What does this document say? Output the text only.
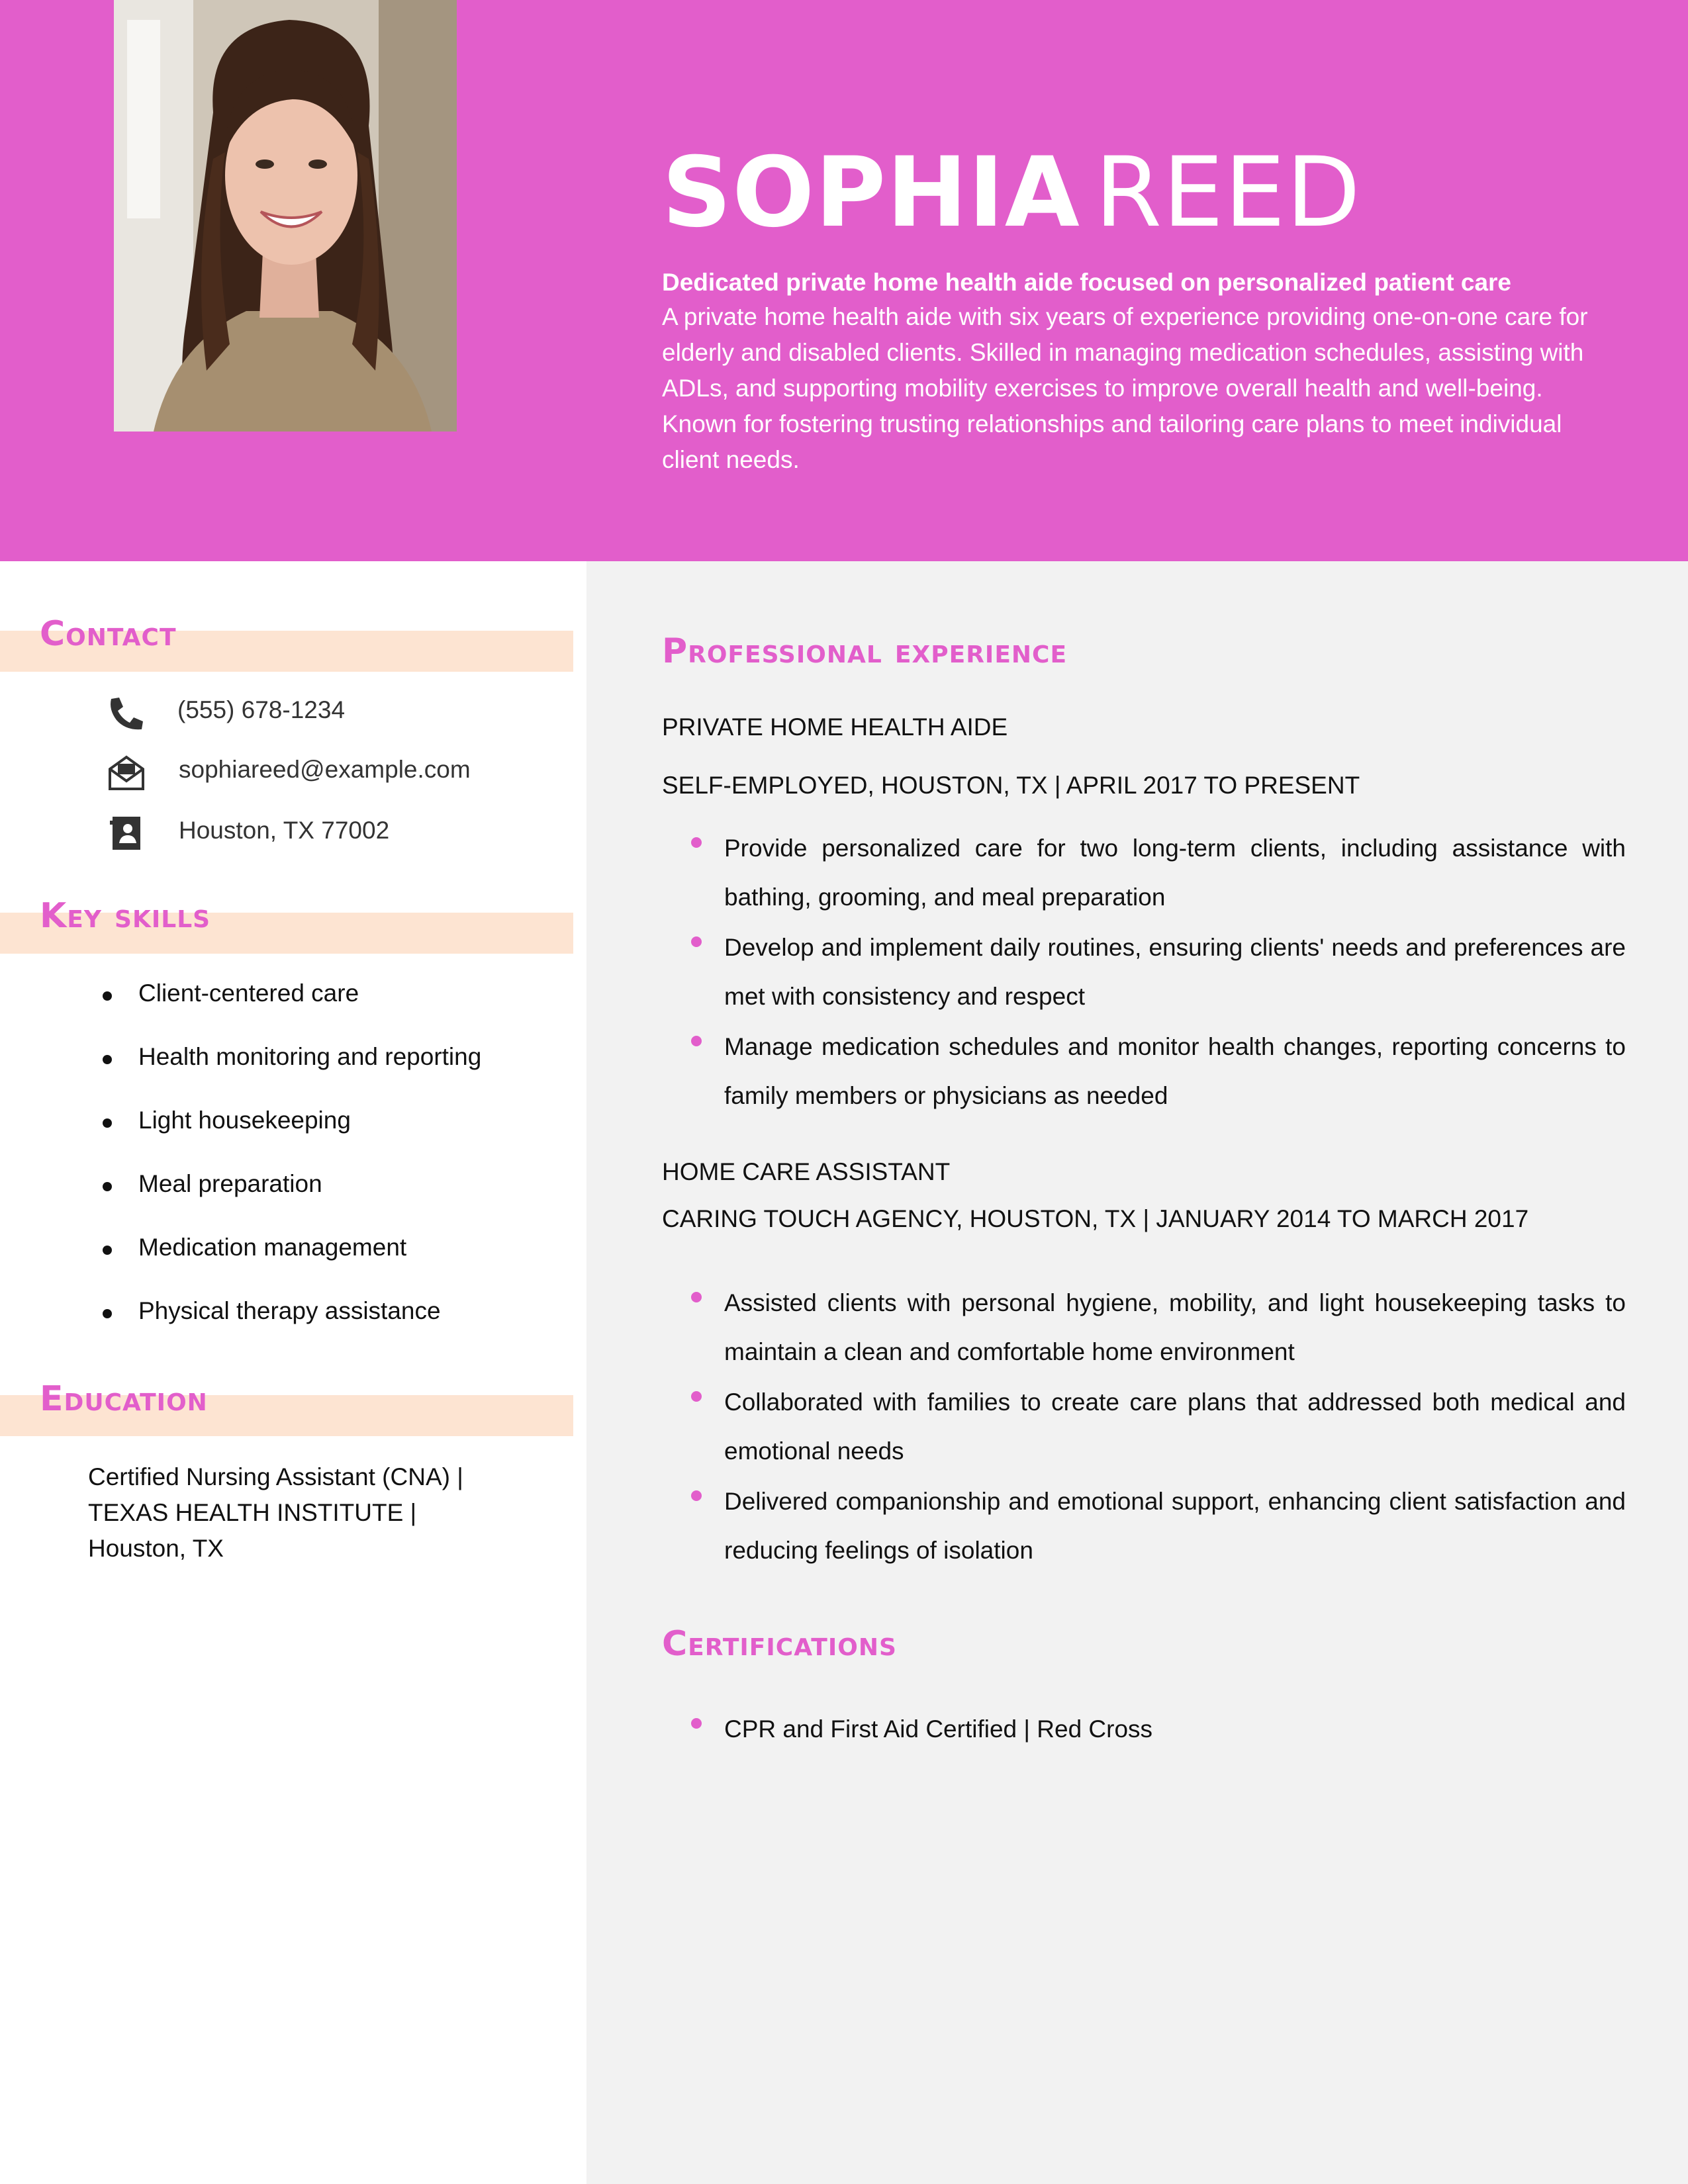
SOPHIA REED
Dedicated private home health aide focused on personalized patient care
A private home health aide with six years of experience providing one-on-one care for elderly and disabled clients. Skilled in managing medication schedules, assisting with ADLs, and supporting mobility exercises to improve overall health and well-being. Known for fostering trusting relationships and tailoring care plans to meet individual client needs.
Contact
(555) 678-1234
sophiareed@example.com
Houston, TX 77002
Key skills
Client-centered care
Health monitoring and reporting
Light housekeeping
Meal preparation
Medication management
Physical therapy assistance
Education
Certified Nursing Assistant (CNA) | TEXAS HEALTH INSTITUTE | Houston, TX
Professional experience
PRIVATE HOME HEALTH AIDE
SELF-EMPLOYED, HOUSTON, TX | APRIL 2017 TO PRESENT
Provide personalized care for two long-term clients, including assistance with bathing, grooming, and meal preparation
Develop and implement daily routines, ensuring clients' needs and preferences are met with consistency and respect
Manage medication schedules and monitor health changes, reporting concerns to family members or physicians as needed
HOME CARE ASSISTANT
CARING TOUCH AGENCY, HOUSTON, TX | JANUARY 2014 TO MARCH 2017
Assisted clients with personal hygiene, mobility, and light housekeeping tasks to maintain a clean and comfortable home environment
Collaborated with families to create care plans that addressed both medical and emotional needs
Delivered companionship and emotional support, enhancing client satisfaction and reducing feelings of isolation
Certifications
CPR and First Aid Certified | Red Cross
